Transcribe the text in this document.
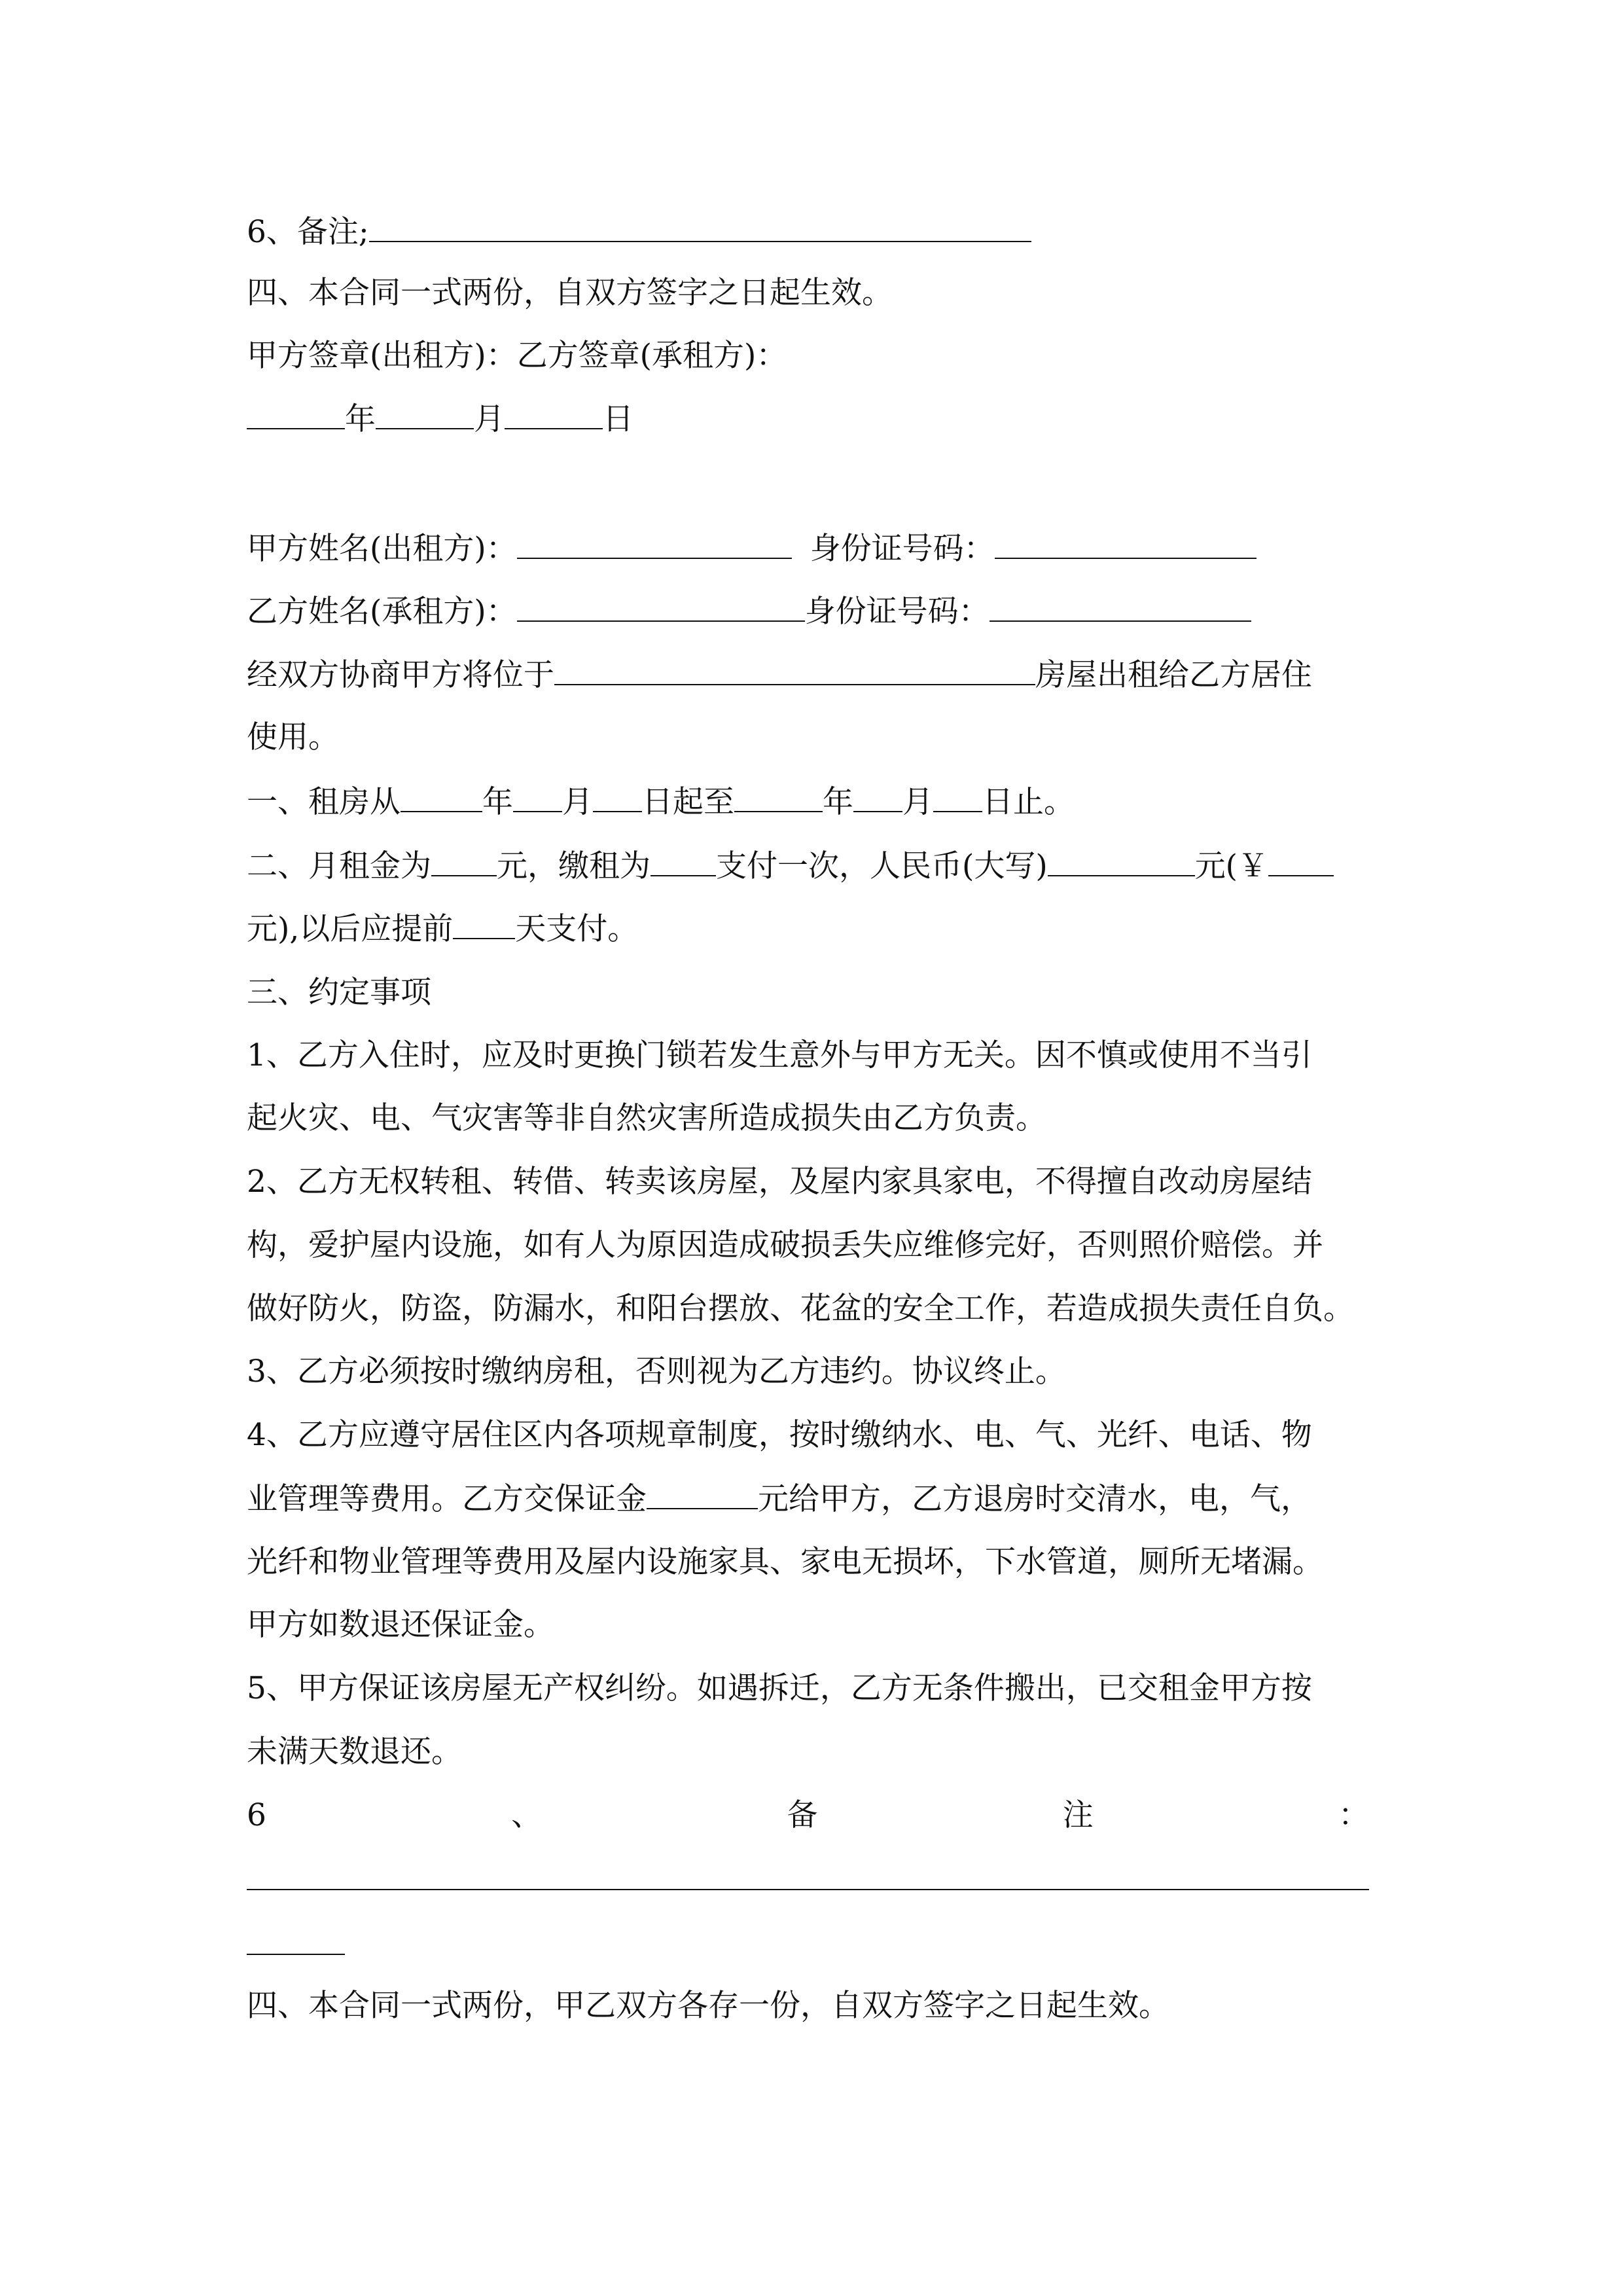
6、备注;
四、本合同一式两份，自双方签字之日起生效。
甲方签章(出租方)：乙方签章(承租方)：
年	月	日
甲方姓名(出租方)：	身份证号码：
乙方姓名(承租方)：	身份证号码：
经双方协商甲方将位于	房屋出租给乙方居住
使用。
一、租房从	年 月 日起至	年 月 日止。
二、月租金为 元，缴租为 支付一次，人民币(大写)	元(￥
元),以后应提前 天支付。
三、约定事项
1、乙方入住时，应及时更换门锁若发生意外与甲方无关。因不慎或使用不当引
起火灾、电、气灾害等非自然灾害所造成损失由乙方负责。
2、乙方无权转租、转借、转卖该房屋，及屋内家具家电，不得擅自改动房屋结
构，爱护屋内设施，如有人为原因造成破损丢失应维修完好，否则照价赔偿。并
做好防火，防盗，防漏水，和阳台摆放、花盆的安全工作，若造成损失责任自负。
3、乙方必须按时缴纳房租，否则视为乙方违约。协议终止。
4、乙方应遵守居住区内各项规章制度，按时缴纳水、电、气、光纤、电话、物
业管理等费用。乙方交保证金	元给甲方，乙方退房时交清水，电，气，
光纤和物业管理等费用及屋内设施家具、家电无损坏，下水管道，厕所无堵漏。
甲方如数退还保证金。
5、甲方保证该房屋无产权纠纷。如遇拆迁，乙方无条件搬出，已交租金甲方按
未满天数退还。
6	、	备	注	：
四、本合同一式两份，甲乙双方各存一份，自双方签字之日起生效。
